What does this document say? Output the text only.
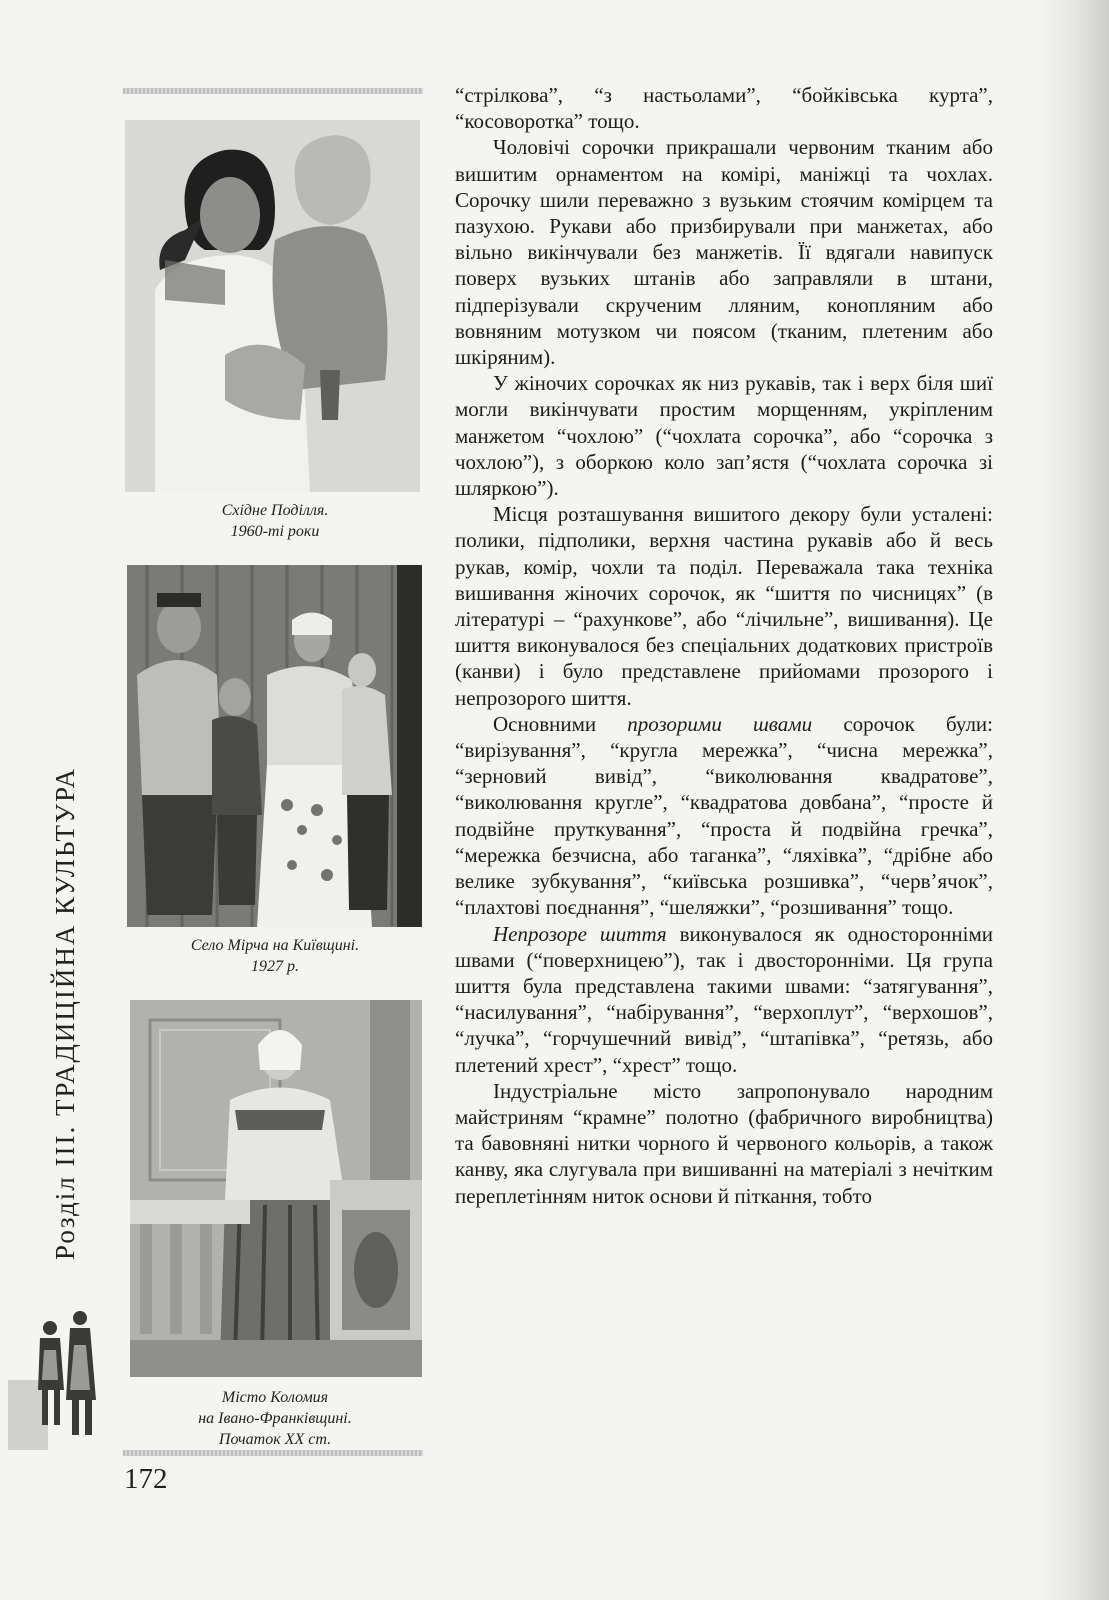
Східне Поділля.
1960-ті роки
Село Мірча на Київщині.
1927 р.
Місто Коломия
на Івано-Франківщині.
Початок XX ст.
Розділ III. ТРАДИЦІЙНА КУЛЬТУРА
172

“стрілкова”, “з настьолами”, “бойківська курта”, “косоворотка” тощо.

Чоловічі сорочки прикрашали червоним тканим або вишитим орнаментом на комірі, маніжці та чохлах. Сорочку шили переважно з вузьким стоячим комірцем та пазухою. Рукави або призбирували при манжетах, або вільно викінчували без манжетів. Її вдягали навипуск поверх вузьких штанів або заправляли в штани, підперізували скрученим лляним, конопляним або вовняним мотузком чи поясом (тканим, плетеним або шкіряним).

У жіночих сорочках як низ рукавів, так і верх біля шиї могли викінчувати простим морщенням, укріпленим манжетом “чохлою” (“чохлата сорочка”, або “сорочка з чохлою”), з оборкою коло зап’ястя (“чохлата сорочка зі шляркою”).

Місця розташування вишитого декору були усталені: полики, підполики, верхня частина рукавів або й весь рукав, комір, чохли та поділ. Переважала така техніка вишивання жіночих сорочок, як “шиття по чисницях” (в літературі – “рахункове”, або “лічильне”, вишивання). Це шиття виконувалося без спеціальних додаткових пристроїв (канви) і було представлене прийомами прозорого і непрозорого шиття.

Основними прозорими швами сорочок були: “вирізування”, “кругла мережка”, “чисна мережка”, “зерновий вивід”, “виколювання квадратове”, “виколювання кругле”, “квадратова довбана”, “просте й подвійне пруткування”, “проста й подвійна гречка”, “мережка безчисна, або таганка”, “ляхівка”, “дрібне або велике зубкування”, “київська розшивка”, “черв’ячок”, “плахтові поєднання”, “шеляжки”, “розшивання” тощо.

Непрозоре шиття виконувалося як односторонніми швами (“поверхницею”), так і двосторонніми. Ця група шиття була представлена такими швами: “затягування”, “насилування”, “набірування”, “верхоплут”, “верхошов”, “лучка”, “горчушечний вивід”, “штапівка”, “ретязь, або плетений хрест”, “хрест” тощо.

Індустріальне місто запропонувало народним майстриням “крамне” полотно (фабричного виробництва) та бавовняні нитки чорного й червоного кольорів, а також канву, яка слугувала при вишиванні на матеріалі з нечітким переплетінням ниток основи й піткання, тобто
